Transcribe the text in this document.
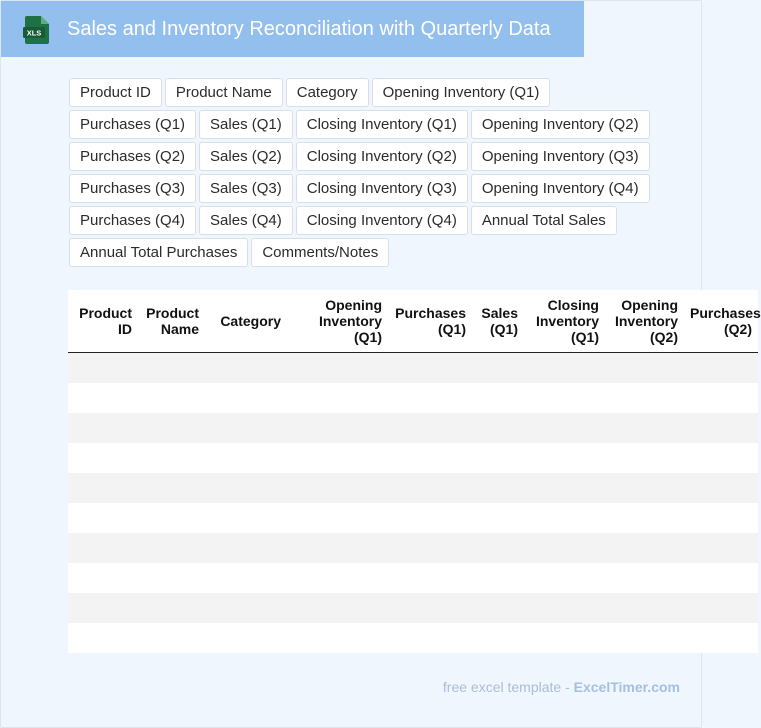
XLS Sales and Inventory Reconciliation with Quarterly Data
Product ID	Product Name	Category	Opening Inventory (Q1)
Purchases (Q1)	Sales (Q1)	Closing Inventory (Q1)	Opening Inventory (Q2)
Purchases (Q2)	Sales (Q2)	Closing Inventory (Q2)	Opening Inventory (Q3)
Purchases (Q3)	Sales (Q3)	Closing Inventory (Q3)	Opening Inventory (Q4)
Purchases (Q4)	Sales (Q4)	Closing Inventory (Q4)	Annual Total Sales
Annual Total Purchases	Comments/Notes
Product ID	Product Name	Category	Opening Inventory (Q1)	Purchases (Q1)	Sales (Q1)	Closing Inventory (Q1)	Opening Inventory (Q2)	Purchases (Q2)

free excel template - ExcelTimer.com
